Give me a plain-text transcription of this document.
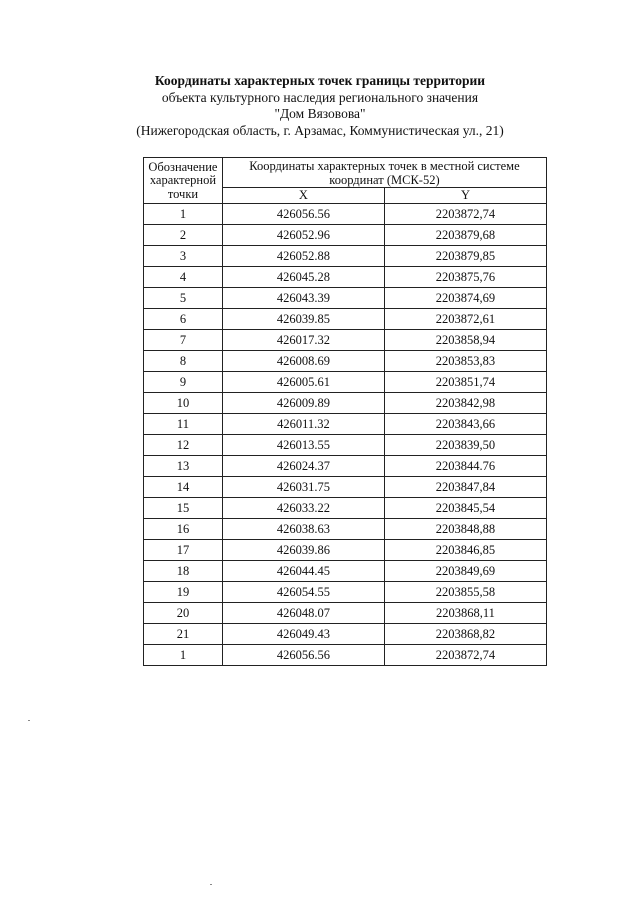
Координаты характерных точек границы территории
объекта культурного наследия регионального значения
"Дом Вязовова"
(Нижегородская область, г. Арзамас, Коммунистическая ул., 21)
Обозначение
характерной
точки	Координаты характерных точек в местной системе координат (МСК-52)	
	X	Y
1	426056.56	2203872,74
2	426052.96	2203879,68
3	426052.88	2203879,85
4	426045.28	2203875,76
5	426043.39	2203874,69
6	426039.85	2203872,61
7	426017.32	2203858,94
8	426008.69	2203853,83
9	426005.61	2203851,74
10	426009.89	2203842,98
11	426011.32	2203843,66
12	426013.55	2203839,50
13	426024.37	2203844.76
14	426031.75	2203847,84
15	426033.22	2203845,54
16	426038.63	2203848,88
17	426039.86	2203846,85
18	426044.45	2203849,69
19	426054.55	2203855,58
20	426048.07	2203868,11
21	426049.43	2203868,82
1	426056.56	2203872,74
